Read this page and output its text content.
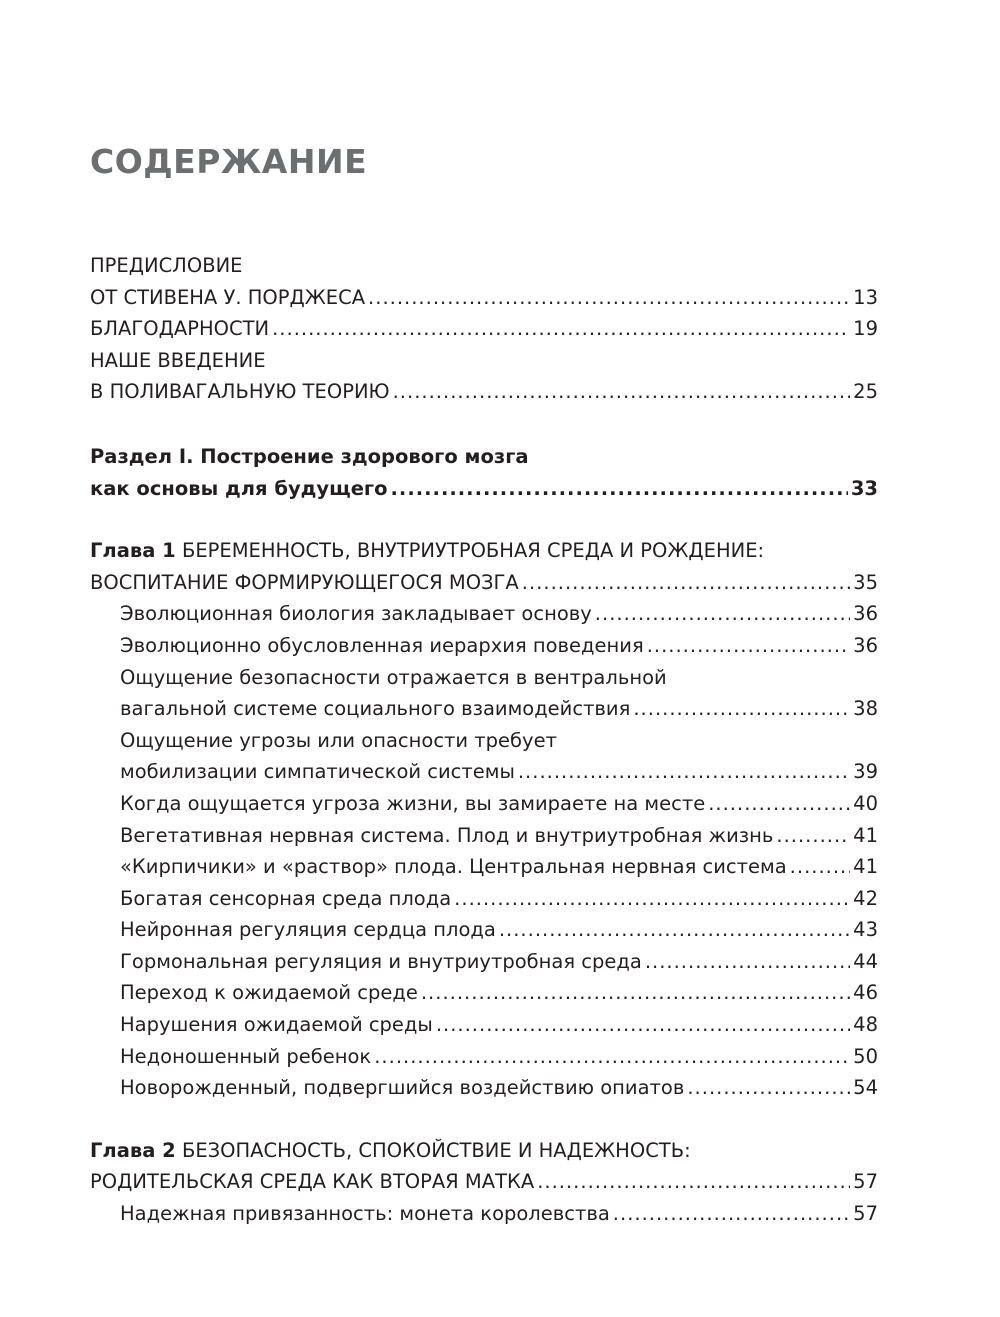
СОДЕРЖАНИЕ
ПРЕДИСЛОВИЕ
ОТ СТИВЕНА У. ПОРДЖЕСА .....	13
БЛАГОДАРНОСТИ .....	19
НАШЕ ВВЕДЕНИЕ
В ПОЛИВАГАЛЬНУЮ ТЕОРИЮ .....	25
Раздел I. Построение здорового мозга
как основы для будущего .....	33
Глава 1 БЕРЕМЕННОСТЬ, ВНУТРИУТРОБНАЯ СРЕДА И РОЖДЕНИЕ:
ВОСПИТАНИЕ ФОРМИРУЮЩЕГОСЯ МОЗГА .....	35
Эволюционная биология закладывает основу .....	36
Эволюционно обусловленная иерархия поведения .....	36
Ощущение безопасности отражается в вентральной
вагальной системе социального взаимодействия .....	38
Ощущение угрозы или опасности требует
мобилизации симпатической системы .....	39
Когда ощущается угроза жизни, вы замираете на месте .....	40
Вегетативная нервная система. Плод и внутриутробная жизнь .....	41
«Кирпичики» и «раствор» плода. Центральная нервная система .....	41
Богатая сенсорная среда плода .....	42
Нейронная регуляция сердца плода .....	43
Гормональная регуляция и внутриутробная среда .....	44
Переход к ожидаемой среде .....	46
Нарушения ожидаемой среды .....	48
Недоношенный ребенок .....	50
Новорожденный, подвергшийся воздействию опиатов .....	54
Глава 2 БЕЗОПАСНОСТЬ, СПОКОЙСТВИЕ И НАДЕЖНОСТЬ:
РОДИТЕЛЬСКАЯ СРЕДА КАК ВТОРАЯ МАТКА .....	57
Надежная привязанность: монета королевства .....	57
